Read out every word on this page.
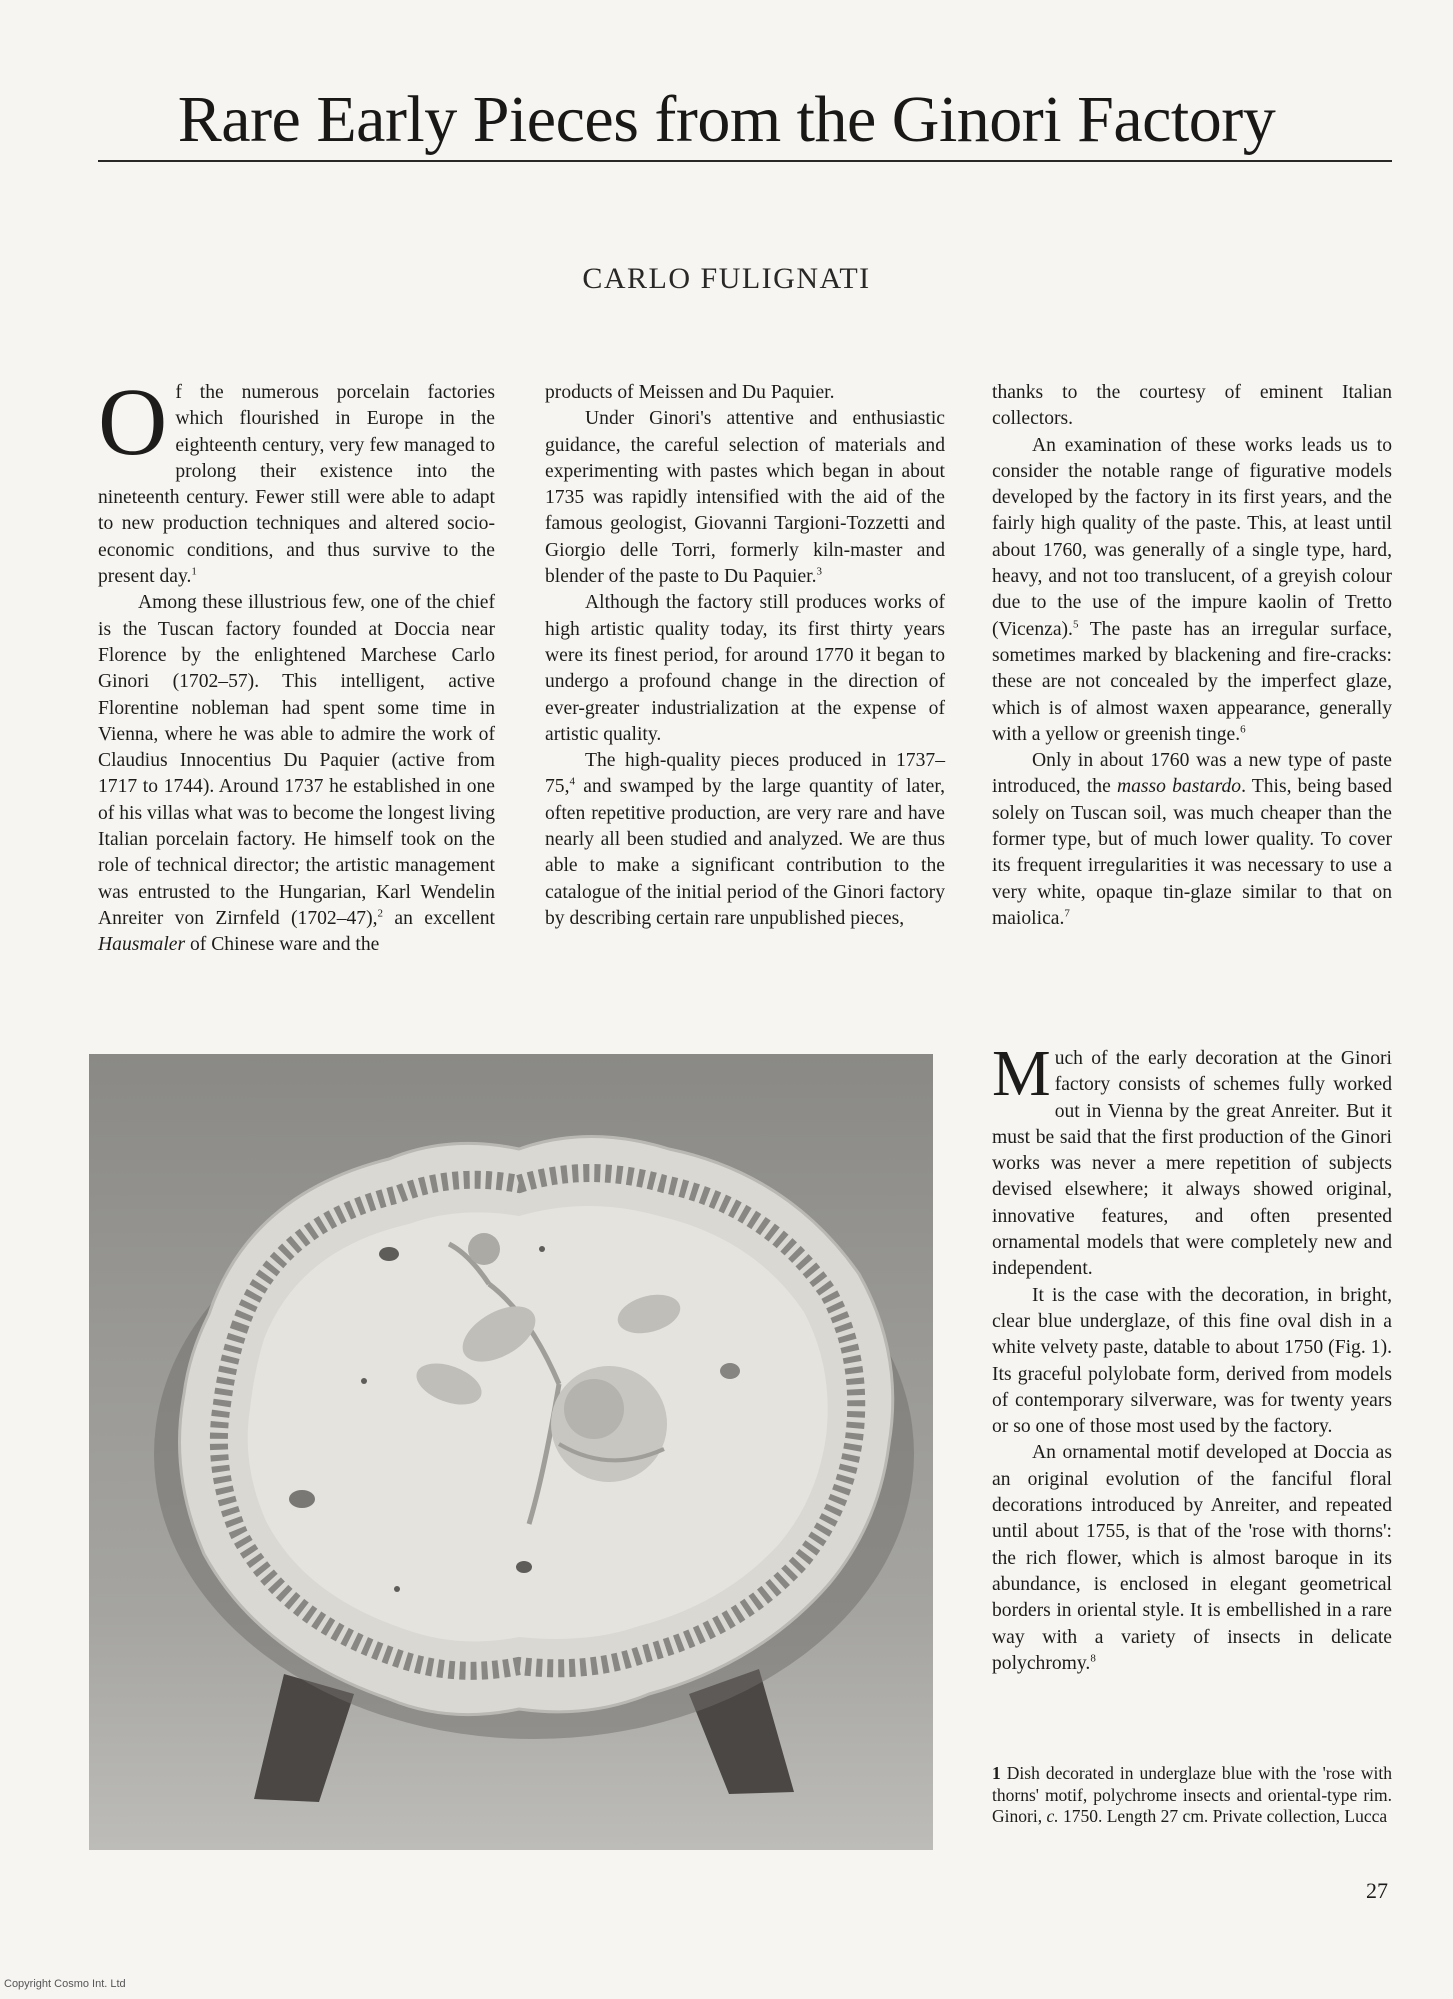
Rare Early Pieces from the Ginori Factory
CARLO FULIGNATI

Of the numerous porcelain factories which flourished in Europe in the eighteenth century, very few managed to prolong their existence into the nineteenth century. Fewer still were able to adapt to new production techniques and altered socio-economic conditions, and thus survive to the present day.$^1$

Among these illustrious few, one of the chief is the Tuscan factory founded at Doccia near Florence by the enlightened Marchese Carlo Ginori (1702–57). This intelligent, active Florentine nobleman had spent some time in Vienna, where he was able to admire the work of Claudius Innocentius Du Paquier (active from 1717 to 1744). Around 1737 he established in one of his villas what was to become the longest living Italian porcelain factory. He himself took on the role of technical director; the artistic management was entrusted to the Hungarian, Karl Wendelin Anreiter von Zirnfeld (1702–47),$^2$ an excellent Hausmaler of Chinese ware and the

products of Meissen and Du Paquier.

Under Ginori's attentive and enthusiastic guidance, the careful selection of materials and experimenting with pastes which began in about 1735 was rapidly intensified with the aid of the famous geologist, Giovanni Targioni-Tozzetti and Giorgio delle Torri, formerly kiln-master and blender of the paste to Du Paquier.$^3$

Although the factory still produces works of high artistic quality today, its first thirty years were its finest period, for around 1770 it began to undergo a profound change in the direction of ever-greater industrialization at the expense of artistic quality.

The high-quality pieces produced in 1737–75,$^4$ and swamped by the large quantity of later, often repetitive production, are very rare and have nearly all been studied and analyzed. We are thus able to make a significant contribution to the catalogue of the initial period of the Ginori factory by describing certain rare unpublished pieces,

thanks to the courtesy of eminent Italian collectors.

An examination of these works leads us to consider the notable range of figurative models developed by the factory in its first years, and the fairly high quality of the paste. This, at least until about 1760, was generally of a single type, hard, heavy, and not too translucent, of a greyish colour due to the use of the impure kaolin of Tretto (Vicenza).$^5$ The paste has an irregular surface, sometimes marked by blackening and fire-cracks: these are not concealed by the imperfect glaze, which is of almost waxen appearance, generally with a yellow or greenish tinge.$^6$

Only in about 1760 was a new type of paste introduced, the masso bastardo. This, being based solely on Tuscan soil, was much cheaper than the former type, but of much lower quality. To cover its frequent irregularities it was necessary to use a very white, opaque tin-glaze similar to that on maiolica.$^7$

Much of the early decoration at the Ginori factory consists of schemes fully worked out in Vienna by the great Anreiter. But it must be said that the first production of the Ginori works was never a mere repetition of subjects devised elsewhere; it always showed original, innovative features, and often presented ornamental models that were completely new and independent.

It is the case with the decoration, in bright, clear blue underglaze, of this fine oval dish in a white velvety paste, datable to about 1750 (Fig. 1). Its graceful polylobate form, derived from models of contemporary silverware, was for twenty years or so one of those most used by the factory.

An ornamental motif developed at Doccia as an original evolution of the fanciful floral decorations introduced by Anreiter, and repeated until about 1755, is that of the 'rose with thorns': the rich flower, which is almost baroque in its abundance, is enclosed in elegant geometrical borders in oriental style. It is embellished in a rare way with a variety of insects in delicate polychromy.$^8$

1 Dish decorated in underglaze blue with the 'rose with thorns' motif, polychrome insects and oriental-type rim. Ginori, c. 1750. Length 27 cm. Private collection, Lucca
27
Copyright Cosmo Int. Ltd
